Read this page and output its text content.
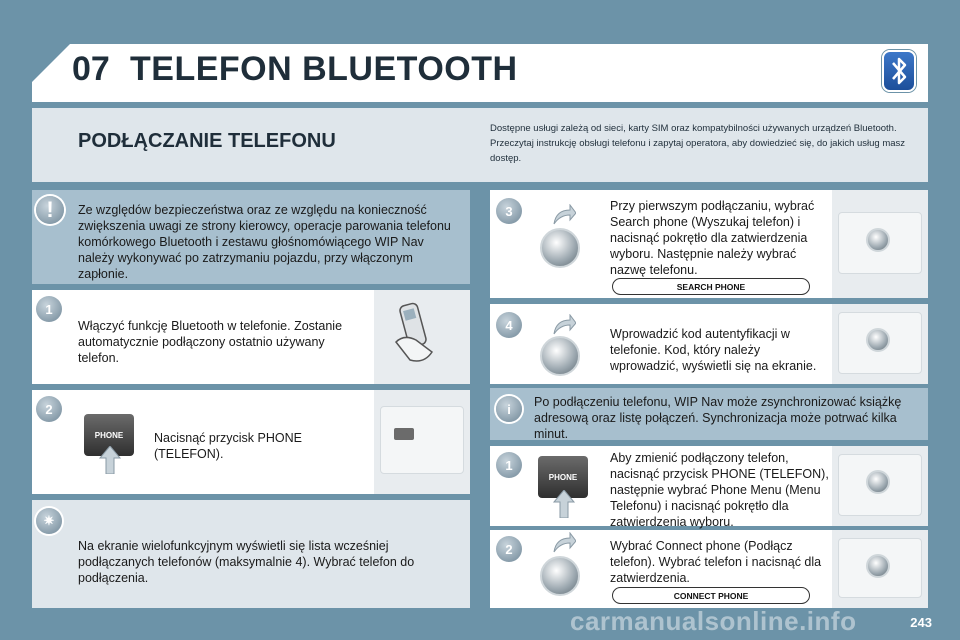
07 TELEFON BLUETOOTH
PODŁĄCZANIE TELEFONU
Dostępne usługi zależą od sieci, karty SIM oraz kompatybilności używanych urządzeń Bluetooth. Przeczytaj instrukcję obsługi telefonu i zapytaj operatora, aby dowiedzieć się, do jakich usług masz dostęp.
!	Ze względów bezpieczeństwa oraz ze względu na konieczność zwiększenia uwagi ze strony kierowcy, operacje parowania telefonu komórkowego Bluetooth i zestawu głośnomówiącego WIP Nav należy wykonywać po zatrzymaniu pojazdu, przy włączonym zapłonie.
1
Włączyć funkcję Bluetooth w telefonie. Zostanie automatycznie podłączony ostatnio używany telefon.
2
PHONE	Nacisnąć przycisk PHONE (TELEFON).
✷
Na ekranie wielofunkcyjnym wyświetli się lista wcześniej podłączanych telefonów (maksymalnie 4). Wybrać telefon do podłączenia.
3	Przy pierwszym podłączaniu, wybrać Search phone (Wyszukaj telefon) i nacisnąć pokrętło dla zatwierdzenia wyboru. Następnie należy wybrać nazwę telefonu.
SEARCH PHONE
4
Wprowadzić kod autentyfikacji w telefonie. Kod, który należy wprowadzić, wyświetli się na ekranie.
i	Po podłączeniu telefonu, WIP Nav może zsynchronizować książkę adresową oraz listę połączeń. Synchronizacja może potrwać kilka minut.
1
PHONE
Aby zmienić podłączony telefon, nacisnąć przycisk PHONE (TELEFON), następnie wybrać Phone Menu (Menu Telefonu) i nacisnąć pokrętło dla zatwierdzenia wyboru.
2	Wybrać Connect phone (Podłącz telefon). Wybrać telefon i nacisnąć dla zatwierdzenia.
CONNECT PHONE
carmanualsonline.info	243
